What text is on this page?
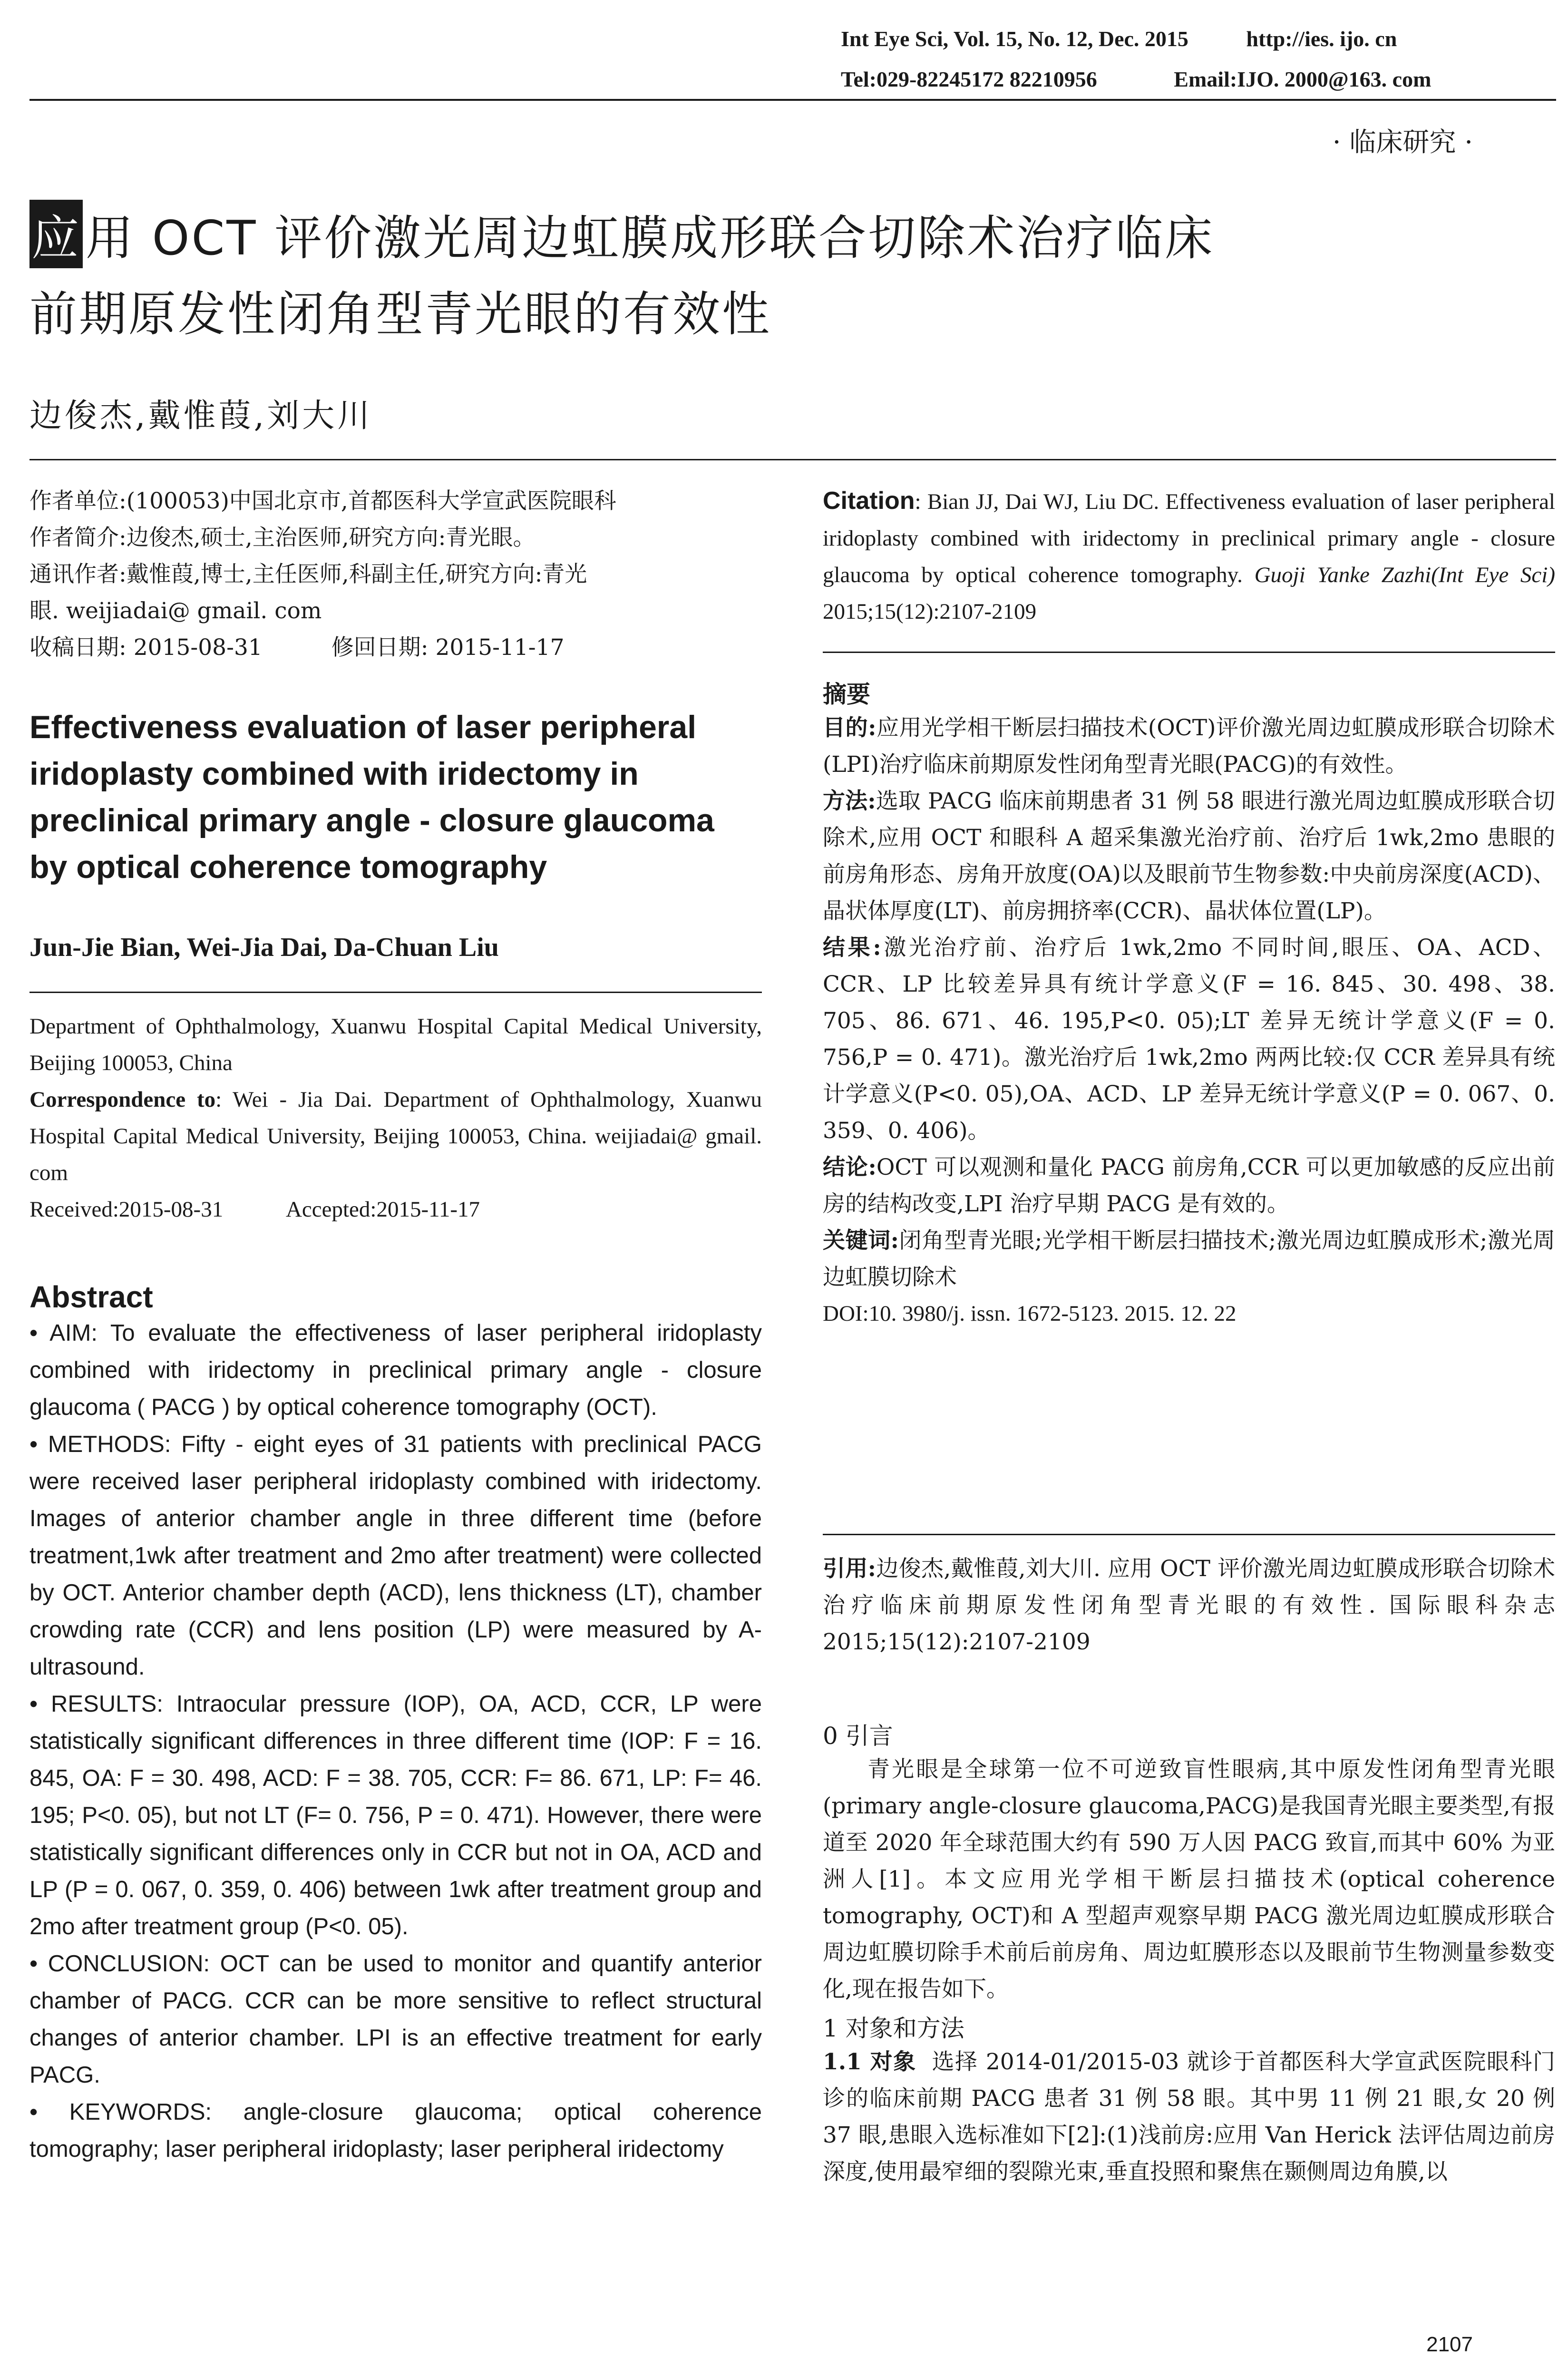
Int Eye Sci, Vol. 15, No. 12, Dec. 2015	http://ies. ijo. cn
Tel:029-82245172 82210956	Email:IJO. 2000@163. com
· 临床研究 ·
应 用 OCT 评价激光周边虹膜成形联合切除术治疗临床
前期原发性闭角型青光眼的有效性
边俊杰,戴惟葭,刘大川

作者单位:(100053)中国北京市,首都医科大学宣武医院眼科

作者简介:边俊杰,硕士,主治医师,研究方向:青光眼。

通讯作者:戴惟葭,博士,主任医师,科副主任,研究方向:青光

眼. weijiadai@ gmail. com

收稿日期: 2015-08-31	修回日期: 2015-11-17

Effectiveness evaluation of laser peripheral
iridoplasty combined with iridectomy in
preclinical primary angle - closure glaucoma
by optical coherence tomography
Jun-Jie Bian, Wei-Jia Dai, Da-Chuan Liu

Department of Ophthalmology, Xuanwu Hospital Capital Medical University, Beijing 100053, China

Correspondence to: Wei - Jia Dai. Department of Ophthalmology, Xuanwu Hospital Capital Medical University, Beijing 100053, China. weijiadai@ gmail. com

Received:2015-08-31	Accepted:2015-11-17

Abstract

• AIM: To evaluate the effectiveness of laser peripheral iridoplasty combined with iridectomy in preclinical primary angle - closure glaucoma ( PACG ) by optical coherence tomography (OCT).

• METHODS: Fifty - eight eyes of 31 patients with preclinical PACG were received laser peripheral iridoplasty combined with iridectomy. Images of anterior chamber angle in three different time (before treatment,1wk after treatment and 2mo after treatment) were collected by OCT. Anterior chamber depth (ACD), lens thickness (LT), chamber crowding rate (CCR) and lens position (LP) were measured by A-ultrasound.

• RESULTS: Intraocular pressure (IOP), OA, ACD, CCR, LP were statistically significant differences in three different time (IOP: F = 16. 845, OA: F = 30. 498, ACD: F = 38. 705, CCR: F= 86. 671, LP: F= 46. 195; P<0. 05), but not LT (F= 0. 756, P = 0. 471). However, there were statistically significant differences only in CCR but not in OA, ACD and LP (P = 0. 067, 0. 359, 0. 406) between 1wk after treatment group and 2mo after treatment group (P<0. 05).

• CONCLUSION: OCT can be used to monitor and quantify anterior chamber of PACG. CCR can be more sensitive to reflect structural changes of anterior chamber. LPI is an effective treatment for early PACG.

• KEYWORDS: angle-closure glaucoma; optical coherence tomography; laser peripheral iridoplasty; laser peripheral iridectomy

Citation: Bian JJ, Dai WJ, Liu DC. Effectiveness evaluation of laser peripheral iridoplasty combined with iridectomy in preclinical primary angle - closure glaucoma by optical coherence tomography. Guoji Yanke Zazhi(Int Eye Sci) 2015;15(12):2107-2109

摘要

目的:应用光学相干断层扫描技术(OCT)评价激光周边虹膜成形联合切除术(LPI)治疗临床前期原发性闭角型青光眼(PACG)的有效性。

方法:选取 PACG 临床前期患者 31 例 58 眼进行激光周边虹膜成形联合切除术,应用 OCT 和眼科 A 超采集激光治疗前、治疗后 1wk,2mo 患眼的前房角形态、房角开放度(OA)以及眼前节生物参数:中央前房深度(ACD)、晶状体厚度(LT)、前房拥挤率(CCR)、晶状体位置(LP)。

结果:激光治疗前、治疗后 1wk,2mo 不同时间,眼压、OA、ACD、CCR、LP 比较差异具有统计学意义(F = 16. 845、30. 498、38. 705、86. 671、46. 195,P<0. 05);LT 差异无统计学意义(F = 0. 756,P = 0. 471)。激光治疗后 1wk,2mo 两两比较:仅 CCR 差异具有统计学意义(P<0. 05),OA、ACD、LP 差异无统计学意义(P = 0. 067、0. 359、0. 406)。

结论:OCT 可以观测和量化 PACG 前房角,CCR 可以更加敏感的反应出前房的结构改变,LPI 治疗早期 PACG 是有效的。

关键词:闭角型青光眼;光学相干断层扫描技术;激光周边虹膜成形术;激光周边虹膜切除术

DOI:10. 3980/j. issn. 1672-5123. 2015. 12. 22

引用:边俊杰,戴惟葭,刘大川. 应用 OCT 评价激光周边虹膜成形联合切除术治疗临床前期原发性闭角型青光眼的有效性. 国际眼科杂志 2015;15(12):2107-2109

0 引言

青光眼是全球第一位不可逆致盲性眼病,其中原发性闭角型青光眼(primary angle-closure glaucoma,PACG)是我国青光眼主要类型,有报道至 2020 年全球范围大约有 590 万人因 PACG 致盲,而其中 60% 为亚洲人[1]。本文应用光学相干断层扫描技术(optical coherence tomography, OCT)和 A 型超声观察早期 PACG 激光周边虹膜成形联合周边虹膜切除手术前后前房角、周边虹膜形态以及眼前节生物测量参数变化,现在报告如下。

1 对象和方法

1.1 对象 选择 2014-01/2015-03 就诊于首都医科大学宣武医院眼科门诊的临床前期 PACG 患者 31 例 58 眼。其中男 11 例 21 眼,女 20 例 37 眼,患眼入选标准如下[2]:(1)浅前房:应用 Van Herick 法评估周边前房深度,使用最窄细的裂隙光束,垂直投照和聚焦在颞侧周边角膜,以

2107
